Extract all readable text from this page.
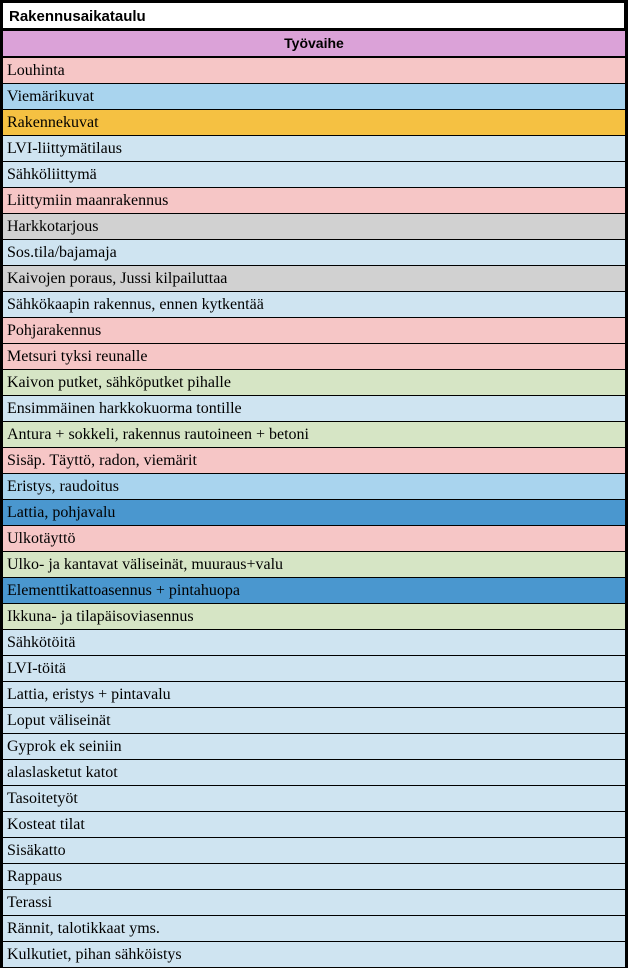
Rakennusaikataulu
Työvaihe
Louhinta
Viemärikuvat
Rakennekuvat
LVI-liittymätilaus
Sähköliittymä
Liittymiin maanrakennus
Harkkotarjous
Sos.tila/bajamaja
Kaivojen poraus, Jussi kilpailuttaa
Sähkökaapin rakennus, ennen kytkentää
Pohjarakennus
Metsuri tyksi reunalle
Kaivon putket, sähköputket pihalle
Ensimmäinen harkkokuorma tontille
Antura + sokkeli, rakennus rautoineen + betoni
Sisäp. Täyttö, radon, viemärit
Eristys, raudoitus
Lattia, pohjavalu
Ulkotäyttö
Ulko- ja kantavat väliseinät, muuraus+valu
Elementtikattoasennus + pintahuopa
Ikkuna- ja tilapäisoviasennus
Sähkötöitä
LVI-töitä
Lattia, eristys + pintavalu
Loput väliseinät
Gyprok ek seiniin
alaslasketut katot
Tasoitetyöt
Kosteat tilat
Sisäkatto
Rappaus
Terassi
Rännit, talotikkaat yms.
Kulkutiet, pihan sähköistys
